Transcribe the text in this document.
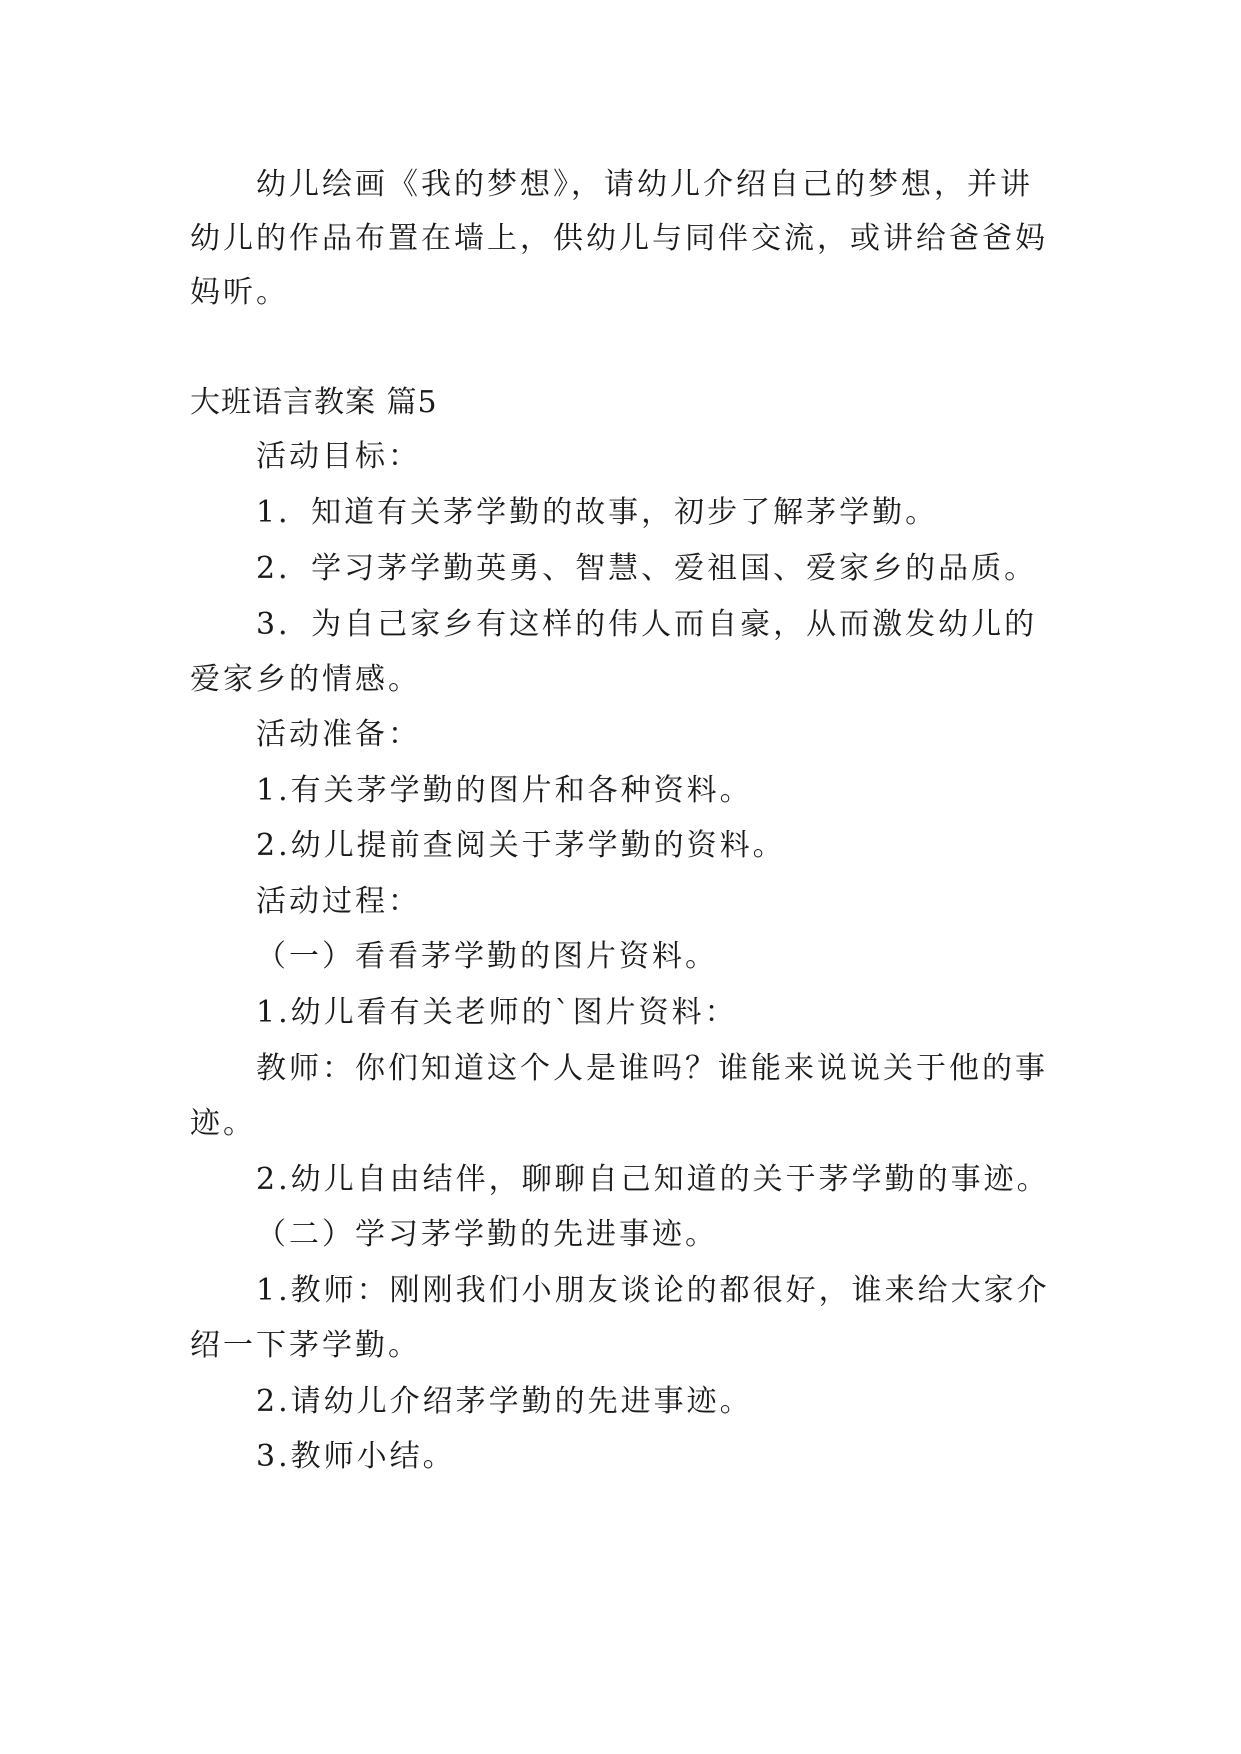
幼儿绘画《我的梦想》，请幼儿介绍自己的梦想，并讲
幼儿的作品布置在墙上，供幼儿与同伴交流，或讲给爸爸妈
妈听。
大班语言教案 篇5
活动目标：
1．知道有关茅学勤的故事，初步了解茅学勤。
2．学习茅学勤英勇、智慧、爱祖国、爱家乡的品质。
3．为自己家乡有这样的伟人而自豪，从而激发幼儿的
爱家乡的情感。
活动准备：
1.有关茅学勤的图片和各种资料。
2.幼儿提前查阅关于茅学勤的资料。
活动过程：
（一）看看茅学勤的图片资料。
1.幼儿看有关老师的`图片资料：
教师：你们知道这个人是谁吗？谁能来说说关于他的事
迹。
2.幼儿自由结伴，聊聊自己知道的关于茅学勤的事迹。
（二）学习茅学勤的先进事迹。
1.教师：刚刚我们小朋友谈论的都很好，谁来给大家介
绍一下茅学勤。
2.请幼儿介绍茅学勤的先进事迹。
3.教师小结。
